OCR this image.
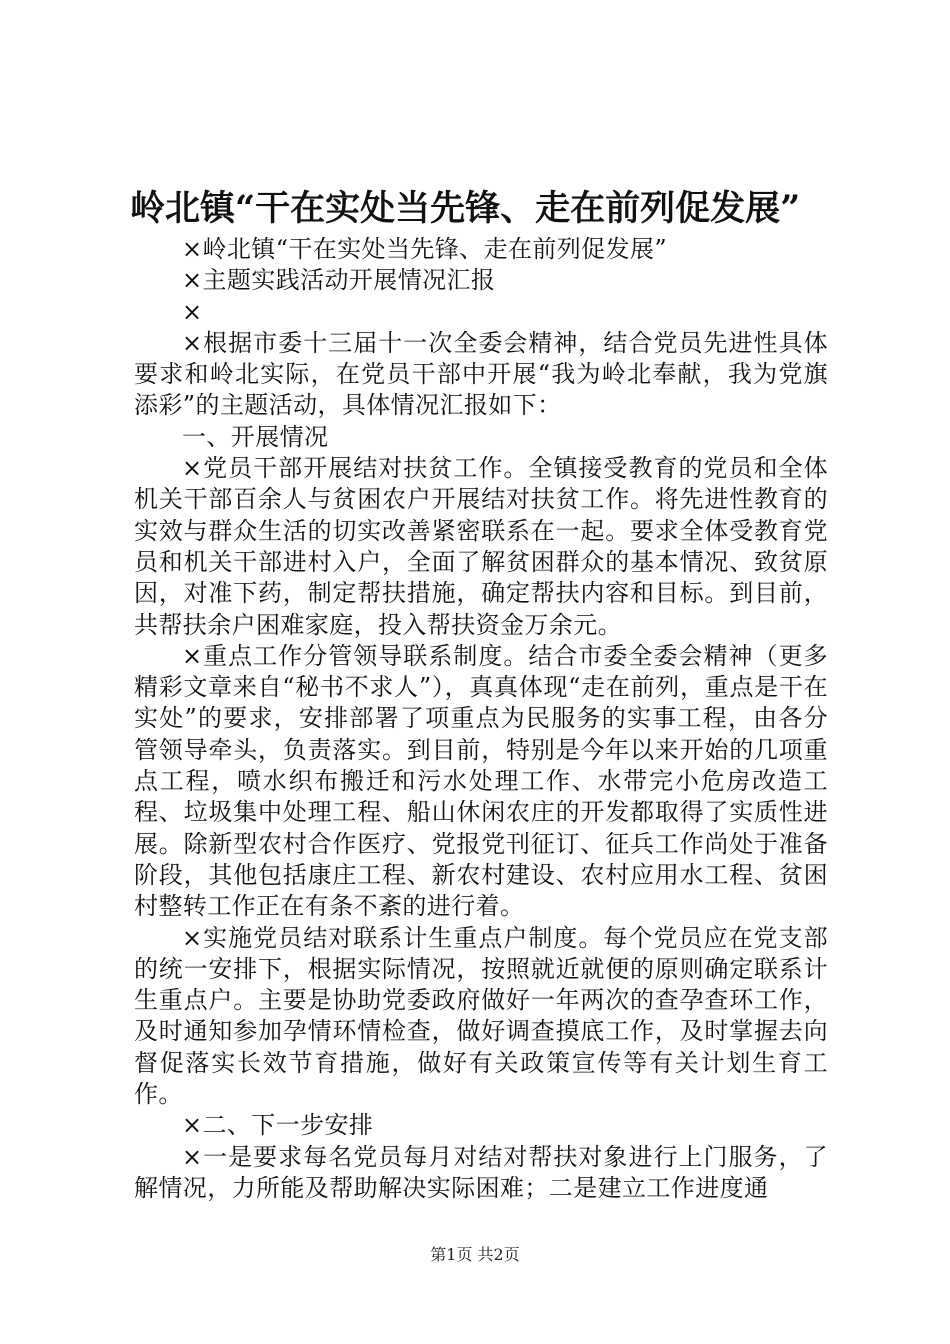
岭北镇“干在实处当先锋、走在前列促发展”

×岭北镇“干在实处当先锋、走在前列促发展”

×主题实践活动开展情况汇报

×

×根据市委十三届十一次全委会精神，结合党员先进性具体要求和岭北实际，在党员干部中开展“我为岭北奉献，我为党旗添彩”的主题活动，具体情况汇报如下：

一、开展情况

×党员干部开展结对扶贫工作。全镇接受教育的党员和全体机关干部百余人与贫困农户开展结对扶贫工作。将先进性教育的实效与群众生活的切实改善紧密联系在一起。要求全体受教育党员和机关干部进村入户，全面了解贫困群众的基本情况、致贫原因，对准下药，制定帮扶措施，确定帮扶内容和目标。到目前，共帮扶余户困难家庭，投入帮扶资金万余元。

×重点工作分管领导联系制度。结合市委全委会精神（更多精彩文章来自“秘书不求人”），真真体现“走在前列，重点是干在实处”的要求，安排部署了项重点为民服务的实事工程，由各分管领导牵头，负责落实。到目前，特别是今年以来开始的几项重点工程，喷水织布搬迁和污水处理工作、水带完小危房改造工程、垃圾集中处理工程、船山休闲农庄的开发都取得了实质性进展。除新型农村合作医疗、党报党刊征订、征兵工作尚处于准备阶段，其他包括康庄工程、新农村建设、农村应用水工程、贫困村整转工作正在有条不紊的进行着。

×实施党员结对联系计生重点户制度。每个党员应在党支部的统一安排下，根据实际情况，按照就近就便的原则确定联系计生重点户。主要是协助党委政府做好一年两次的查孕查环工作，及时通知参加孕情环情检查，做好调查摸底工作，及时掌握去向督促落实长效节育措施，做好有关政策宣传等有关计划生育工作。

×二、下一步安排

×一是要求每名党员每月对结对帮扶对象进行上门服务，了解情况，力所能及帮助解决实际困难；二是建立工作进度通

第1页 共2页
